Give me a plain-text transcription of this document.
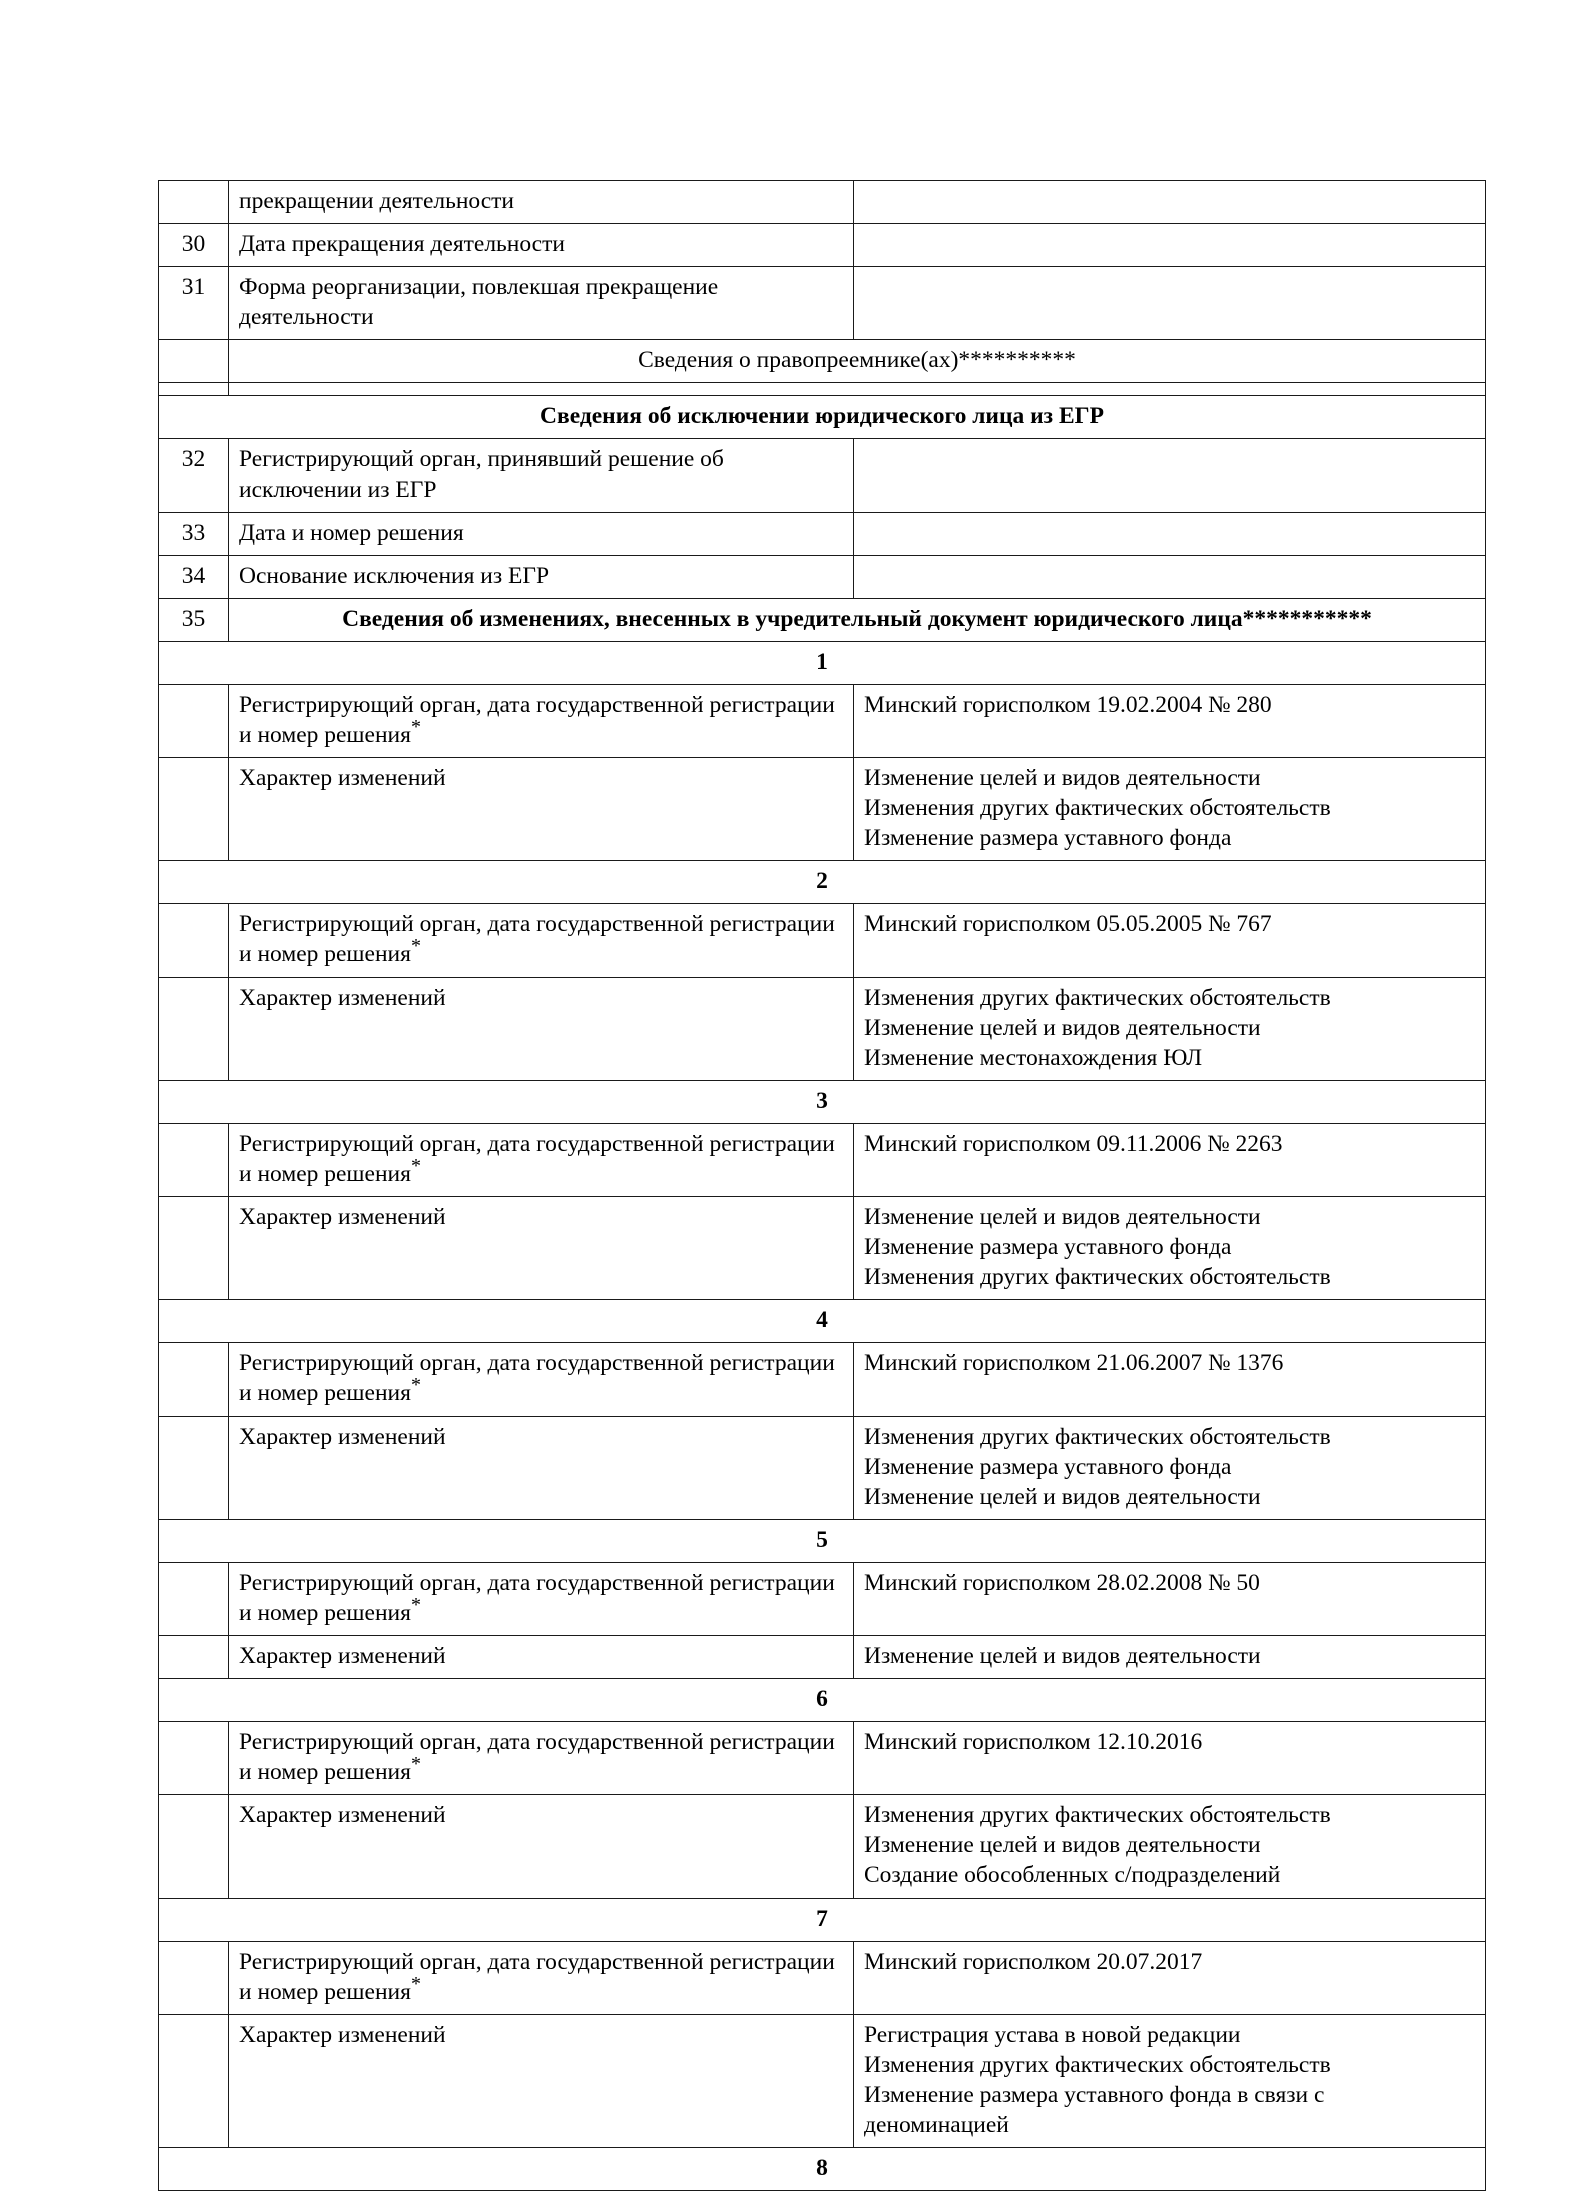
	прекращении деятельности	
30	Дата прекращения деятельности	
31	Форма реорганизации, повлекшая прекращение деятельности	
	Сведения о правопреемнике(ах)**********	

Сведения об исключении юридического лица из ЕГР		
32	Регистрирующий орган, принявший решение об исключении из ЕГР	
33	Дата и номер решения	
34	Основание исключения из ЕГР	
35	Сведения об изменениях, внесенных в учредительный документ юридического лица***********	
1		
	Регистрирующий орган, дата государственной регистрации и номер решения*	Минский горисполком 19.02.2004 № 280
	Характер изменений	Изменение целей и видов деятельности
Изменения других фактических обстоятельств
Изменение размера уставного фонда

2		
	Регистрирующий орган, дата государственной регистрации и номер решения*	Минский горисполком 05.05.2005 № 767
	Характер изменений	Изменения других фактических обстоятельств
Изменение целей и видов деятельности
Изменение местонахождения ЮЛ

3		
	Регистрирующий орган, дата государственной регистрации и номер решения*	Минский горисполком 09.11.2006 № 2263
	Характер изменений	Изменение целей и видов деятельности
Изменение размера уставного фонда
Изменения других фактических обстоятельств

4		
	Регистрирующий орган, дата государственной регистрации и номер решения*	Минский горисполком 21.06.2007 № 1376
	Характер изменений	Изменения других фактических обстоятельств
Изменение размера уставного фонда
Изменение целей и видов деятельности

5		
	Регистрирующий орган, дата государственной регистрации и номер решения*	Минский горисполком 28.02.2008 № 50
	Характер изменений	Изменение целей и видов деятельности

6		
	Регистрирующий орган, дата государственной регистрации и номер решения*	Минский горисполком 12.10.2016
	Характер изменений	Изменения других фактических обстоятельств
Изменение целей и видов деятельности
Создание обособленных с/подразделений

7		
	Регистрирующий орган, дата государственной регистрации и номер решения*	Минский горисполком 20.07.2017
	Характер изменений	Регистрация устава в новой редакции
Изменения других фактических обстоятельств
Изменение размера уставного фонда в связи с деноминацией

8		
